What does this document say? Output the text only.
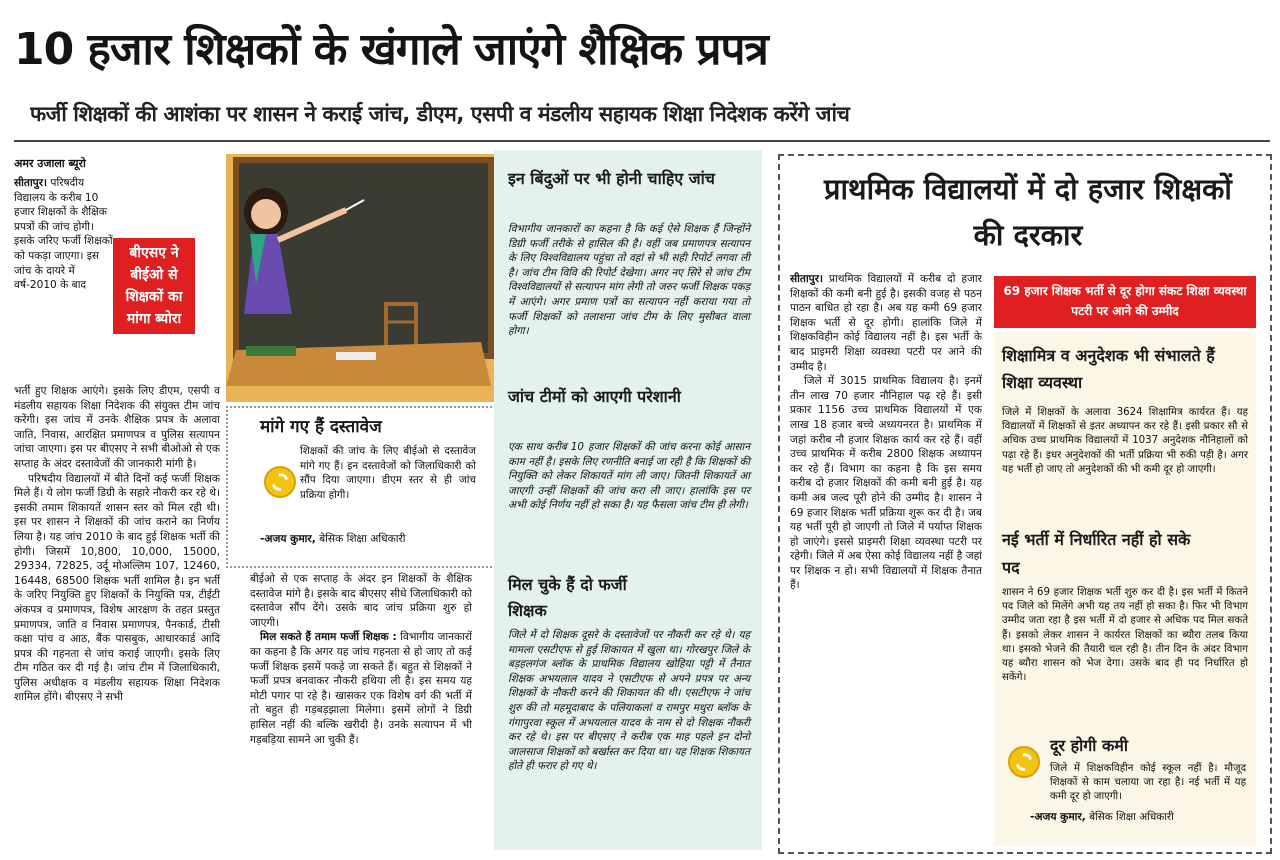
10 हजार शिक्षकों के खंगाले जाएंगे शैक्षिक प्रपत्र
फर्जी शिक्षकों की आशंका पर शासन ने कराई जांच, डीएम, एसपी व मंडलीय सहायक शिक्षा निदेशक करेंगे जांच
अमर उजाला ब्यूरो

सीतापुर। परिषदीय विद्यालय के करीब 10 हजार शिक्षकों के शैक्षिक प्रपत्रों की जांच होगी। इसके जरिए फर्जी शिक्षकों को पकड़ा जाएगा। इस जांच के दायरे में वर्ष-2010 के बाद

बीएसए ने बीईओ से शिक्षकों का मांगा ब्योरा

भर्ती हुए शिक्षक आएंगे। इसके लिए डीएम, एसपी व मंडलीय सहायक शिक्षा निदेशक की संयुक्त टीम जांच करेंगी। इस जांच में उनके शैक्षिक प्रपत्र के अलावा जाति, निवास, आरक्षित प्रमाणपत्र व पुलिस सत्यापन जांचा जाएगा। इस पर बीएसए ने सभी बीओओ से एक सप्ताह के अंदर दस्तावेजों की जानकारी मांगी है।

परिषदीय विद्यालयों में बीते दिनों कई फर्जी शिक्षक मिले हैं। ये लोग फर्जी डिग्री के सहारे नौकरी कर रहे थे। इसकी तमाम शिकायतें शासन स्तर को मिल रही थी। इस पर शासन ने शिक्षकों की जांच कराने का निर्णय लिया है। यह जांच 2010 के बाद हुई शिक्षक भर्ती की होगी। जिसमें 10,800, 10,000, 15000, 29334, 72825, उर्दू मोअल्लिम 107, 12460, 16448, 68500 शिक्षक भर्ती शामिल है। इन भर्ती के जरिए नियुक्ति हुए शिक्षकों के नियुक्ति पत्र, टीईटी अंकपत्र व प्रमाणपत्र, विशेष आरक्षण के तहत प्रस्तुत प्रमाणपत्र, जाति व निवास प्रमाणपत्र, पैनकार्ड, टीसी कक्षा पांच व आठ, बैंक पासबुक, आधारकार्ड आदि प्रपत्र की गहनता से जांच कराई जाएगी। इसके लिए टीम गठित कर दी गई है। जांच टीम में जिलाधिकारी, पुलिस अधीक्षक व मंडलीय सहायक शिक्षा निदेशक शामिल होंगे। बीएसए ने सभी

मांगे गए हैं दस्तावेज

शिक्षकों की जांच के लिए बीईओ से दस्तावेज मांगे गए हैं। इन दस्तावेजों को जिलाधिकारी को सौंप दिया जाएगा। डीएम स्तर से ही जांच प्रक्रिया होगी।

-अजय कुमार, बेसिक शिक्षा अधिकारी

बीईओ से एक सप्ताह के अंदर इन शिक्षकों के शैक्षिक दस्तावेज मांगे है। इसके बाद बीएसए सीधे जिलाधिकारी को दस्तावेज सौंप देंगे। उसके बाद जांच प्रक्रिया शुरु हो जाएगी।

मिल सकते हैं तमाम फर्जी शिक्षक : विभागीय जानकारों का कहना है कि अगर यह जांच गहनता से हो जाए तो कई फर्जी शिक्षक इसमें पकड़े जा सकते हैं। बहुत से शिक्षकों ने फर्जी प्रपत्र बनवाकर नौकरी हथिया ली है। इस समय यह मोटी पगार पा रहे है। खासकर एक विशेष वर्ग की भर्ती में तो बहुत ही गड़बड़झाला मिलेगा। इसमें लोगों ने डिग्री हासिल नहीं की बल्कि खरीदी है। उनके सत्यापन में भी गड़बड़िया सामने आ चुकी हैं।

इन बिंदुओं पर भी होनी चाहिए जांच

विभागीय जानकारों का कहना है कि कई ऐसे शिक्षक हैं जिन्होंने डिग्री फर्जी तरीके से हासिल की है। वहीं जब प्रमाणपत्र सत्यापन के लिए विश्वविद्यालय पहुंचा तो वहां से भी सही रिपोर्ट लगवा ली है। जांच टीम विवि की रिपोर्ट देखेगा। अगर नए सिरे से जांच टीम विश्वविद्यालयों से सत्यापन मांग लेगी तो जरुर फर्जी शिक्षक पकड़ में आएंगे। अगर प्रमाण पत्रों का सत्यापन नहीं कराया गया तो फर्जी शिक्षकों को तलाशना जांच टीम के लिए मुसीबत वाला होगा।

जांच टीमों को आएगी परेशानी

एक साथ करीब 10 हजार शिक्षकों की जांच करना कोई आसान काम नहीं है। इसके लिए रणनीति बनाई जा रही है कि शिक्षकों की नियुक्ति को लेकर शिकायतें मांग ली जाए। जितनी शिकायतें आ जाएगी उन्हीं शिक्षकों की जांच करा ली जाए। हालांकि इस पर अभी कोई निर्णय नहीं हो सका है। यह फैसला जांच टीम ही लेगी।

मिल चुके हैं दो फर्जी शिक्षक

जिले में दो शिक्षक दूसरे के दस्तावेजों पर नौकरी कर रहे थे। यह मामला एसटीएफ से हुई शिकायत में खुला था। गोरखपुर जिले के बड़हलगंज ब्लॉक के प्राथमिक विद्यालय खोहिया पट्टी में तैनात शिक्षक अभयलाल यादव ने एसटीएफ से अपने प्रपत्र पर अन्य शिक्षकों के नौकरी करने की शिकायत की थी। एसटीएफ ने जांच शुरु की तो महमूदाबाद के पलियाकलां व रामपुर मथुरा ब्लॉक के गंगापुरवा स्कूल में अभयलाल यादव के नाम से दो शिक्षक नौकरी कर रहे थे। इस पर बीएसए ने करीब एक माह पहले इन दोनो जालसाज शिक्षकों को बर्खास्त कर दिया था। यह शिक्षक शिकायत होते ही फरार हो गए थे।

प्राथमिक विद्यालयों में दो हजार शिक्षकों की दरकार

सीतापुर। प्राथमिक विद्यालयों में करीब दो हजार शिक्षकों की कमी बनी हुई है। इसकी वजह से पठन पाठन बाधित हो रहा है। अब यह कमी 69 हजार शिक्षक भर्ती से दूर होगी। हालांकि जिले में शिक्षकविहीन कोई विद्यालय नहीं है। इस भर्ती के बाद प्राइमरी शिक्षा व्यवस्था पटरी पर आने की उम्मीद है।

जिले में 3015 प्राथमिक विद्यालय है। इनमें तीन लाख 70 हजार नौनिहाल पढ़ रहे हैं। इसी प्रकार 1156 उच्च प्राथमिक विद्यालयों में एक लाख 18 हजार बच्चे अध्ययनरत है। प्राथमिक में जहां करीब नौ हजार शिक्षक कार्य कर रहे हैं। वहीं उच्च प्राथमिक में करीब 2800 शिक्षक अध्यापन कर रहे हैं। विभाग का कहना है कि इस समय करीब दो हजार शिक्षकों की कमी बनी हुई है। यह कमी अब जल्द पूरी होने की उम्मीद है। शासन ने 69 हजार शिक्षक भर्ती प्रक्रिया शुरू कर दी है। जब यह भर्ती पूरी हो जाएगी तो जिले में पर्याप्त शिक्षक हो जाएंगे। इससे प्राइमरी शिक्षा व्यवस्था पटरी पर रहेगी। जिले में अब ऐसा कोई विद्यालय नहीं है जहां पर शिक्षक न हो। सभी विद्यालयों में शिक्षक तैनात हैं।

69 हजार शिक्षक भर्ती से दूर होगा संकट शिक्षा व्यवस्था पटरी पर आने की उम्मीद
शिक्षामित्र व अनुदेशक भी संभालते हैं शिक्षा व्यवस्था

जिले में शिक्षकों के अलावा 3624 शिक्षामित्र कार्यरत हैं। यह विद्यालयों में शिक्षकों से इतर अध्यापन कर रहे हैं। इसी प्रकार सौ से अधिक उच्च प्राथमिक विद्यालयों में 1037 अनुदेशक नौनिहालों को पढ़ा रहे हैं। इधर अनुदेशकों की भर्ती प्रक्रिया भी रुकी पड़ी है। अगर यह भर्ती हो जाए तो अनुदेशकों की भी कमी दूर हो जाएगी।

नई भर्ती में निर्धारित नहीं हो सके पद

शासन ने 69 हजार शिक्षक भर्ती शुरु कर दी है। इस भर्ती में कितने पद जिले को मिलेंगे अभी यह तय नहीं हो सका है। फिर भी विभाग उम्मीद जता रहा है इस भर्ती में दो हजार से अधिक पद मिल सकते हैं। इसको लेकर शासन ने कार्यरत शिक्षकों का ब्यौरा तलब किया था। इसको भेजने की तैयारी चल रही है। तीन दिन के अंदर विभाग यह ब्यौरा शासन को भेज देगा। उसके बाद ही पद निर्धारित हो सकेंगे।

दूर होगी कमी

जिले में शिक्षकविहीन कोई स्कूल नहीं है। मौजूद शिक्षकों से काम चलाया जा रहा है। नई भर्ती में यह कमी दूर हो जाएगी।

-अजय कुमार, बेसिक शिक्षा अधिकारी
